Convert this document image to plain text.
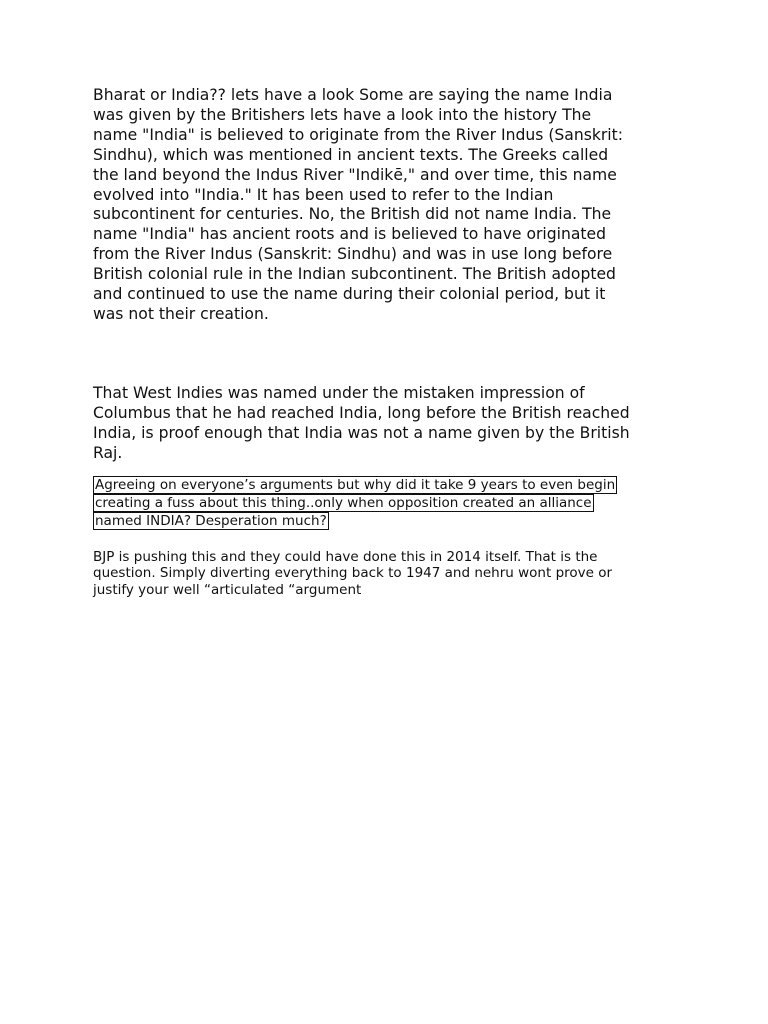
Bharat or India?? lets have a look Some are saying the name India
was given by the Britishers lets have a look into the history The
name "India" is believed to originate from the River Indus (Sanskrit:
Sindhu), which was mentioned in ancient texts. The Greeks called
the land beyond the Indus River "Indikē," and over time, this name
evolved into "India." It has been used to refer to the Indian
subcontinent for centuries. No, the British did not name India. The
name "India" has ancient roots and is believed to have originated
from the River Indus (Sanskrit: Sindhu) and was in use long before
British colonial rule in the Indian subcontinent. The British adopted
and continued to use the name during their colonial period, but it
was not their creation.

That West Indies was named under the mistaken impression of
Columbus that he had reached India, long before the British reached
India, is proof enough that India was not a name given by the British
Raj.

Agreeing on everyone’s arguments but why did it take 9 years to even begin
creating a fuss about this thing..only when opposition created an alliance
named INDIA? Desperation much?

BJP is pushing this and they could have done this in 2014 itself. That is the
question. Simply diverting everything back to 1947 and nehru wont prove or
justify your well “articulated “argument
